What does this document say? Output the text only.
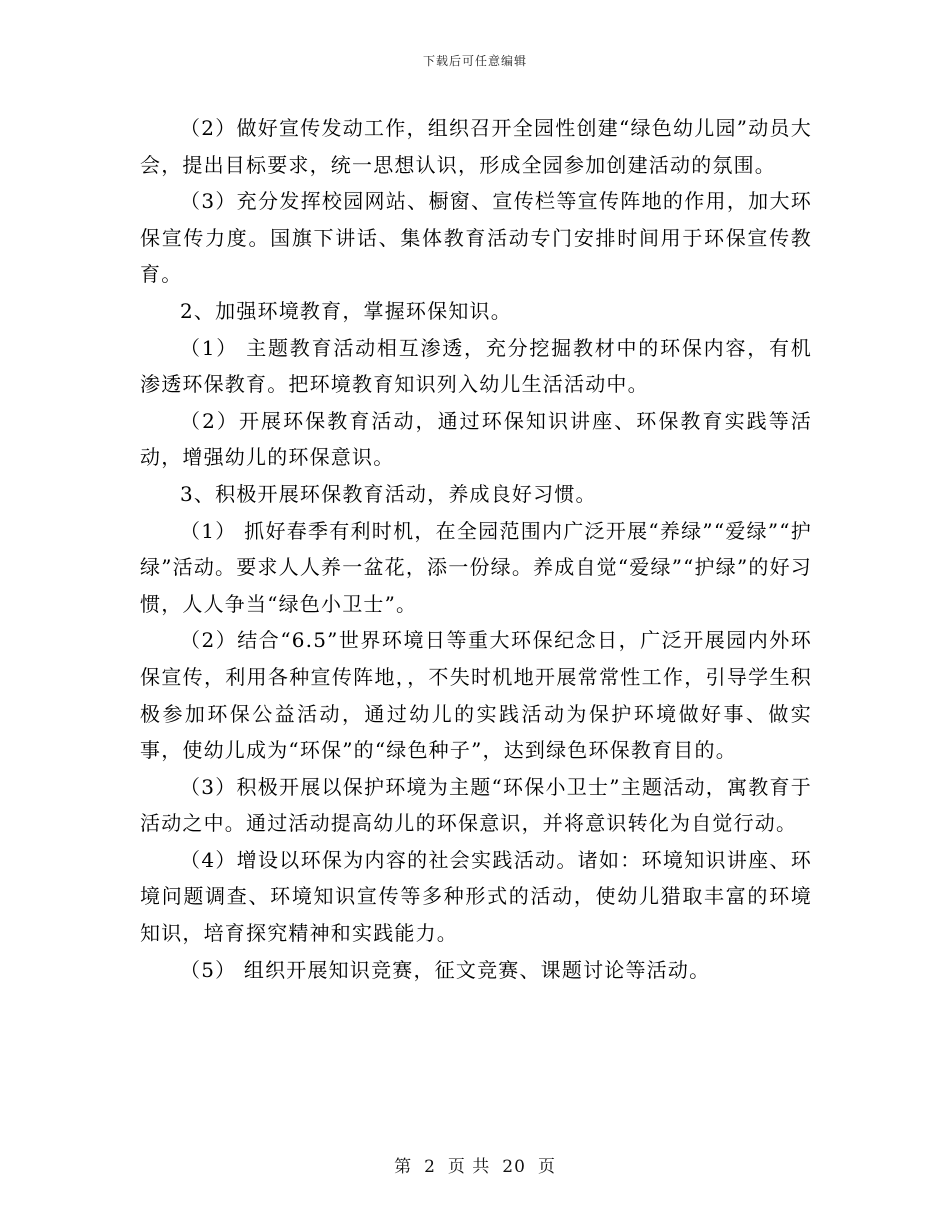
下载后可任意编辑

（2）做好宣传发动工作，组织召开全园性创建“绿色幼儿园”动员大会，提出目标要求，统一思想认识，形成全园参加创建活动的氛围。

（3）充分发挥校园网站、橱窗、宣传栏等宣传阵地的作用，加大环保宣传力度。国旗下讲话、集体教育活动专门安排时间用于环保宣传教育。

2、加强环境教育，掌握环保知识。

（1） 主题教育活动相互渗透，充分挖掘教材中的环保内容，有机渗透环保教育。把环境教育知识列入幼儿生活活动中。

（2）开展环保教育活动，通过环保知识讲座、环保教育实践等活动，增强幼儿的环保意识。

3、积极开展环保教育活动，养成良好习惯。

（1） 抓好春季有利时机，在全园范围内广泛开展“养绿”“爱绿”“护绿”活动。要求人人养一盆花，添一份绿。养成自觉“爱绿”“护绿”的好习惯，人人争当“绿色小卫士”。

（2）结合“6.5”世界环境日等重大环保纪念日，广泛开展园内外环保宣传，利用各种宣传阵地，，不失时机地开展常常性工作，引导学生积极参加环保公益活动，通过幼儿的实践活动为保护环境做好事、做实事，使幼儿成为“环保”的“绿色种子”，达到绿色环保教育目的。

（3）积极开展以保护环境为主题“环保小卫士”主题活动，寓教育于活动之中。通过活动提高幼儿的环保意识，并将意识转化为自觉行动。

（4）增设以环保为内容的社会实践活动。诸如：环境知识讲座、环境问题调查、环境知识宣传等多种形式的活动，使幼儿猎取丰富的环境知识，培育探究精神和实践能力。

（5） 组织开展知识竞赛，征文竞赛、课题讨论等活动。

第 2 页 共 20 页
